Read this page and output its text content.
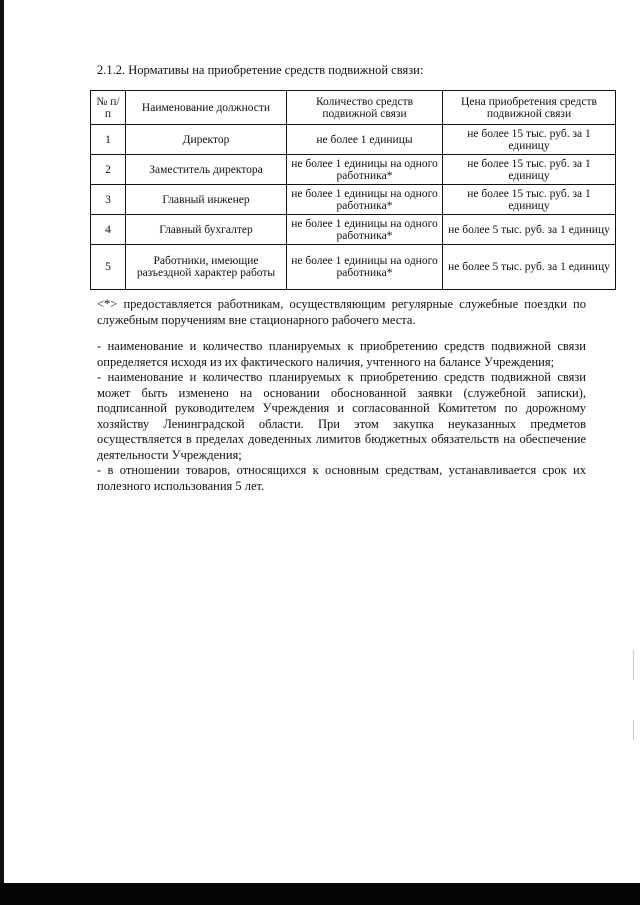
2.1.2. Нормативы на приобретение средств подвижной связи:
№ п/п	Наименование должности	Количество средств подвижной связи	Цена приобретения средств подвижной связи
1	Директор	не более 1 единицы	не более 15 тыс. руб. за 1 единицу
2	Заместитель директора	не более 1 единицы на одного работника*	не более 15 тыс. руб. за 1 единицу
3	Главный инженер	не более 1 единицы на одного работника*	не более 15 тыс. руб. за 1 единицу
4	Главный бухгалтер	не более 1 единицы на одного работника*	не более 5 тыс. руб. за 1 единицу
5	Работники, имеющие разъездной характер работы	не более 1 единицы на одного работника*	не более 5 тыс. руб. за 1 единицу
<*> предоставляется работникам, осуществляющим регулярные служебные поездки по служебным поручениям вне стационарного рабочего места.

- наименование и количество планируемых к приобретению средств подвижной связи определяется исходя из их фактического наличия, учтенного на балансе Учреждения;

- наименование и количество планируемых к приобретению средств подвижной связи может быть изменено на основании обоснованной заявки (служебной записки), подписанной руководителем Учреждения и согласованной Комитетом по дорожному хозяйству Ленинградской области. При этом закупка неуказанных предметов осуществляется в пределах доведенных лимитов бюджетных обязательств на обеспечение деятельности Учреждения;

- в отношении товаров, относящихся к основным средствам, устанавливается срок их полезного использования 5 лет.
